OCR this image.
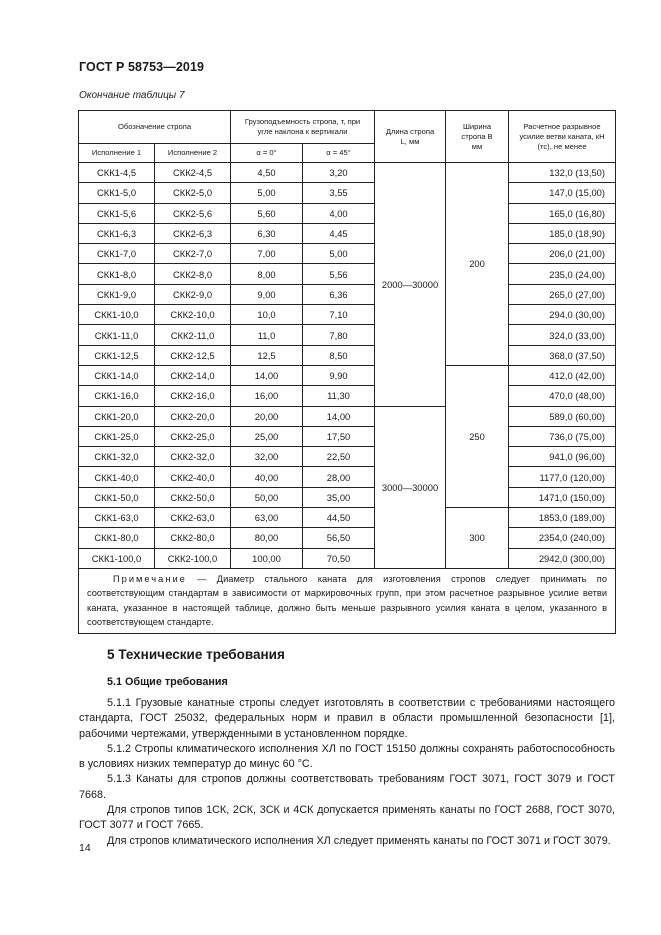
ГОСТ Р 58753—2019
Окончание таблицы 7
Обозначение стропа		Грузоподъемность стропа, т, при угле наклона к вертикали		Длина стропа L, мм	Ширина стропа B мм	Расчетное разрывное усилие ветви каната, кН (тс), не менее
Исполнение 1	Исполнение 2	α = 0°	α = 45°			
СКК1-4,5	СКК2-4,5	4,50	3,20	2000—30000	200	132,0 (13,50)
СКК1-5,0	СКК2-5,0	5,00	3,55			147,0 (15,00)
СКК1-5,6	СКК2-5,6	5,60	4,00			165,0 (16,80)
СКК1-6,3	СКК2-6,3	6,30	4,45			185,0 (18,90)
СКК1-7,0	СКК2-7,0	7,00	5,00			206,0 (21,00)
СКК1-8,0	СКК2-8,0	8,00	5,56			235,0 (24,00)
СКК1-9,0	СКК2-9,0	9,00	6,36			265,0 (27,00)
СКК1-10,0	СКК2-10,0	10,0	7,10			294,0 (30,00)
СКК1-11,0	СКК2-11,0	11,0	7,80			324,0 (33,00)
СКК1-12,5	СКК2-12,5	12,5	8,50			368,0 (37,50)
СКК1-14,0	СКК2-14,0	14,00	9,90		250	412,0 (42,00)
СКК1-16,0	СКК2-16,0	16,00	11,30			470,0 (48,00)
СКК1-20,0	СКК2-20,0	20,00	14,00	3000—30000		589,0 (60,00)
СКК1-25,0	СКК2-25,0	25,00	17,50			736,0 (75,00)
СКК1-32,0	СКК2-32,0	32,00	22,50			941,0 (96,00)
СКК1-40,0	СКК2-40,0	40,00	28,00			1177,0 (120,00)
СКК1-50,0	СКК2-50,0	50,00	35,00			1471,0 (150,00)
СКК1-63,0	СКК2-63,0	63,00	44,50		300	1853,0 (189,00)
СКК1-80,0	СКК2-80,0	80,00	56,50			2354,0 (240,00)
СКК1-100,0	СКК2-100,0	100,00	70,50			2942,0 (300,00)
Примечание — Диаметр стального каната для изготовления стропов следует принимать по соответствующим стандартам в зависимости от маркировочных групп, при этом расчетное разрывное усилие ветви каната, указанное в настоящей таблице, должно быть меньше разрывного усилия каната в целом, указанного в соответствующем стандарте.						
5 Технические требования
5.1 Общие требования

5.1.1 Грузовые канатные стропы следует изготовлять в соответствии с требованиями настоящего стандарта, ГОСТ 25032, федеральных норм и правил в области промышленной безопасности [1], рабочими чертежами, утвержденными в установленном порядке.

5.1.2 Стропы климатического исполнения ХЛ по ГОСТ 15150 должны сохранять работоспособность в условиях низких температур до минус 60 °С.

5.1.3 Канаты для стропов должны соответствовать требованиям ГОСТ 3071, ГОСТ 3079 и ГОСТ 7668.

Для стропов типов 1СК, 2СК, 3СК и 4СК допускается применять канаты по ГОСТ 2688, ГОСТ 3070, ГОСТ 3077 и ГОСТ 7665.

Для стропов климатического исполнения ХЛ следует применять канаты по ГОСТ 3071 и ГОСТ 3079.

14
